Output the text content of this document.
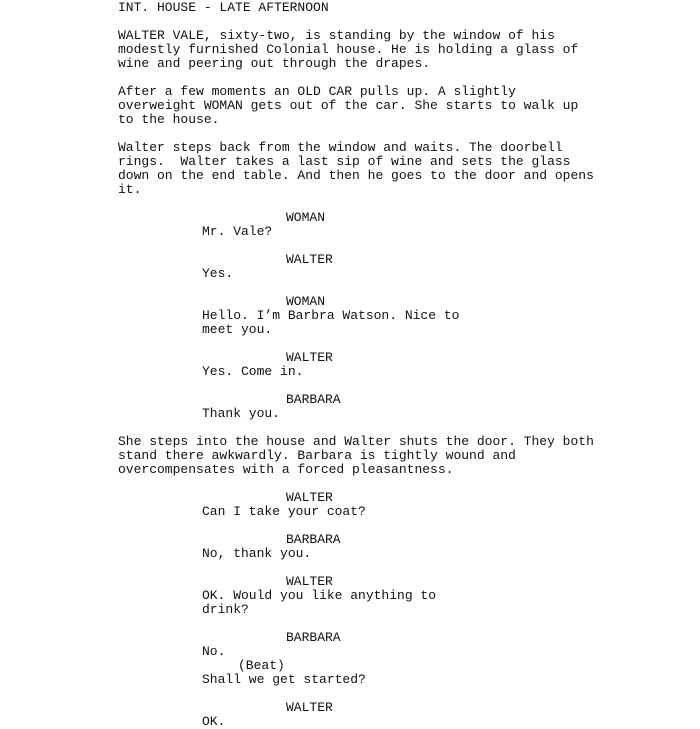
INT. HOUSE - LATE AFTERNOON
WALTER VALE, sixty-two, is standing by the window of his
modestly furnished Colonial house. He is holding a glass of
wine and peering out through the drapes.
After a few moments an OLD CAR pulls up. A slightly
overweight WOMAN gets out of the car. She starts to walk up
to the house.
Walter steps back from the window and waits. The doorbell
rings.  Walter takes a last sip of wine and sets the glass
down on the end table. And then he goes to the door and opens
it.
WOMAN
Mr. Vale?
WALTER
Yes.
WOMAN
Hello. I’m Barbra Watson. Nice to
meet you.
WALTER
Yes. Come in.
BARBARA
Thank you.
She steps into the house and Walter shuts the door. They both
stand there awkwardly. Barbara is tightly wound and
overcompensates with a forced pleasantness.
WALTER
Can I take your coat?
BARBARA
No, thank you.
WALTER
OK. Would you like anything to
drink?
BARBARA
No.
(Beat)
Shall we get started?
WALTER
OK.
